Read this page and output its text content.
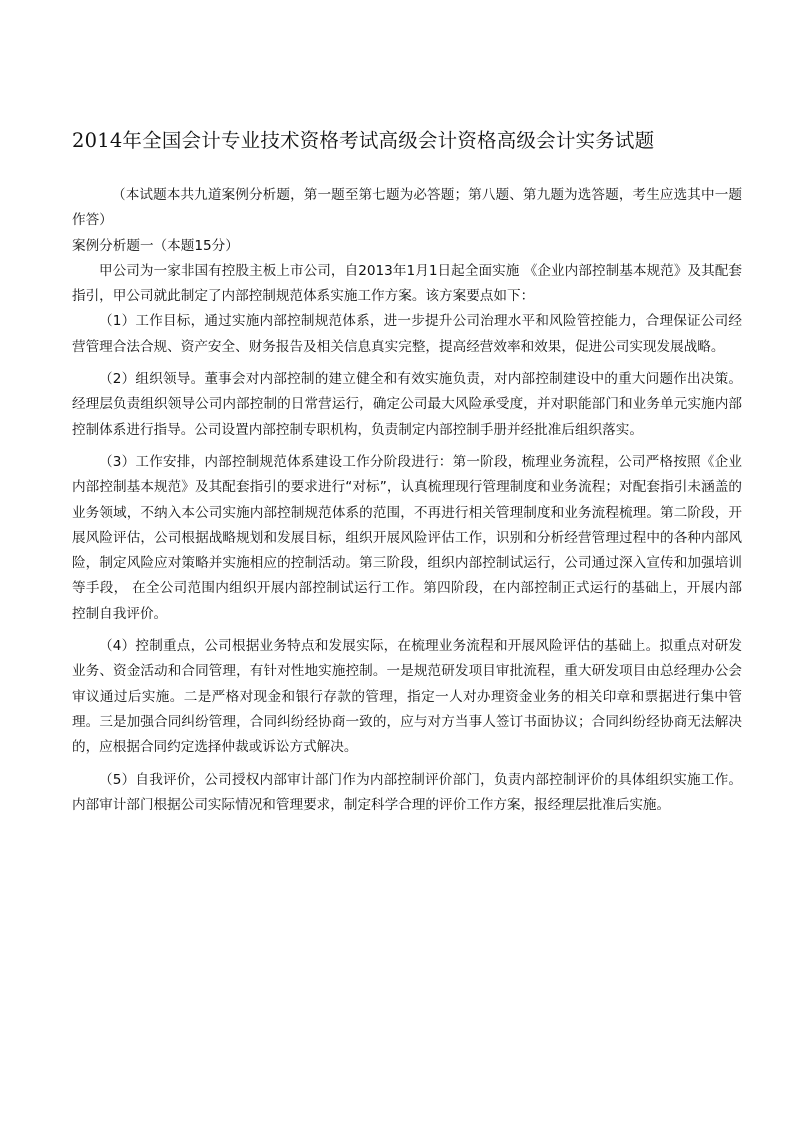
2014年全国会计专业技术资格考试高级会计资格高级会计实务试题

（本试题本共九道案例分析题，第一题至第七题为必答题；第八题、第九题为选答题，考生应选其中一题作答）

案例分析题一（本题15分）

甲公司为一家非国有控股主板上市公司，自2013年1月1日起全面实施 《企业内部控制基本规范》及其配套指引，甲公司就此制定了内部控制规范体系实施工作方案。该方案要点如下：

（1）工作目标，通过实施内部控制规范体系，进一步提升公司治理水平和风险管控能力，合理保证公司经营管理合法合规、资产安全、财务报告及相关信息真实完整，提高经营效率和效果，促进公司实现发展战略。

（2）组织领导。董事会对内部控制的建立健全和有效实施负责，对内部控制建设中的重大问题作出决策。经理层负责组织领导公司内部控制的日常营运行，确定公司最大风险承受度，并对职能部门和业务单元实施内部控制体系进行指导。公司设置内部控制专职机构，负责制定内部控制手册并经批准后组织落实。

（3）工作安排，内部控制规范体系建设工作分阶段进行：第一阶段，梳理业务流程，公司严格按照《企业内部控制基本规范》及其配套指引的要求进行“对标”，认真梳理现行管理制度和业务流程；对配套指引未涵盖的业务领域，不纳入本公司实施内部控制规范体系的范围，不再进行相关管理制度和业务流程梳理。第二阶段，开展风险评估，公司根据战略规划和发展目标，组织开展风险评估工作，识别和分析经营管理过程中的各种内部风险，制定风险应对策略并实施相应的控制活动。第三阶段，组织内部控制试运行，公司通过深入宣传和加强培训等手段， 在全公司范围内组织开展内部控制试运行工作。第四阶段，在内部控制正式运行的基础上，开展内部控制自我评价。

（4）控制重点，公司根据业务特点和发展实际，在梳理业务流程和开展风险评估的基础上。拟重点对研发业务、资金活动和合同管理，有针对性地实施控制。一是规范研发项目审批流程，重大研发项目由总经理办公会审议通过后实施。二是严格对现金和银行存款的管理，指定一人对办理资金业务的相关印章和票据进行集中管理。三是加强合同纠纷管理，合同纠纷经协商一致的，应与对方当事人签订书面协议；合同纠纷经协商无法解决的，应根据合同约定选择仲裁或诉讼方式解决。

（5）自我评价，公司授权内部审计部门作为内部控制评价部门，负责内部控制评价的具体组织实施工作。内部审计部门根据公司实际情况和管理要求，制定科学合理的评价工作方案，报经理层批准后实施。
